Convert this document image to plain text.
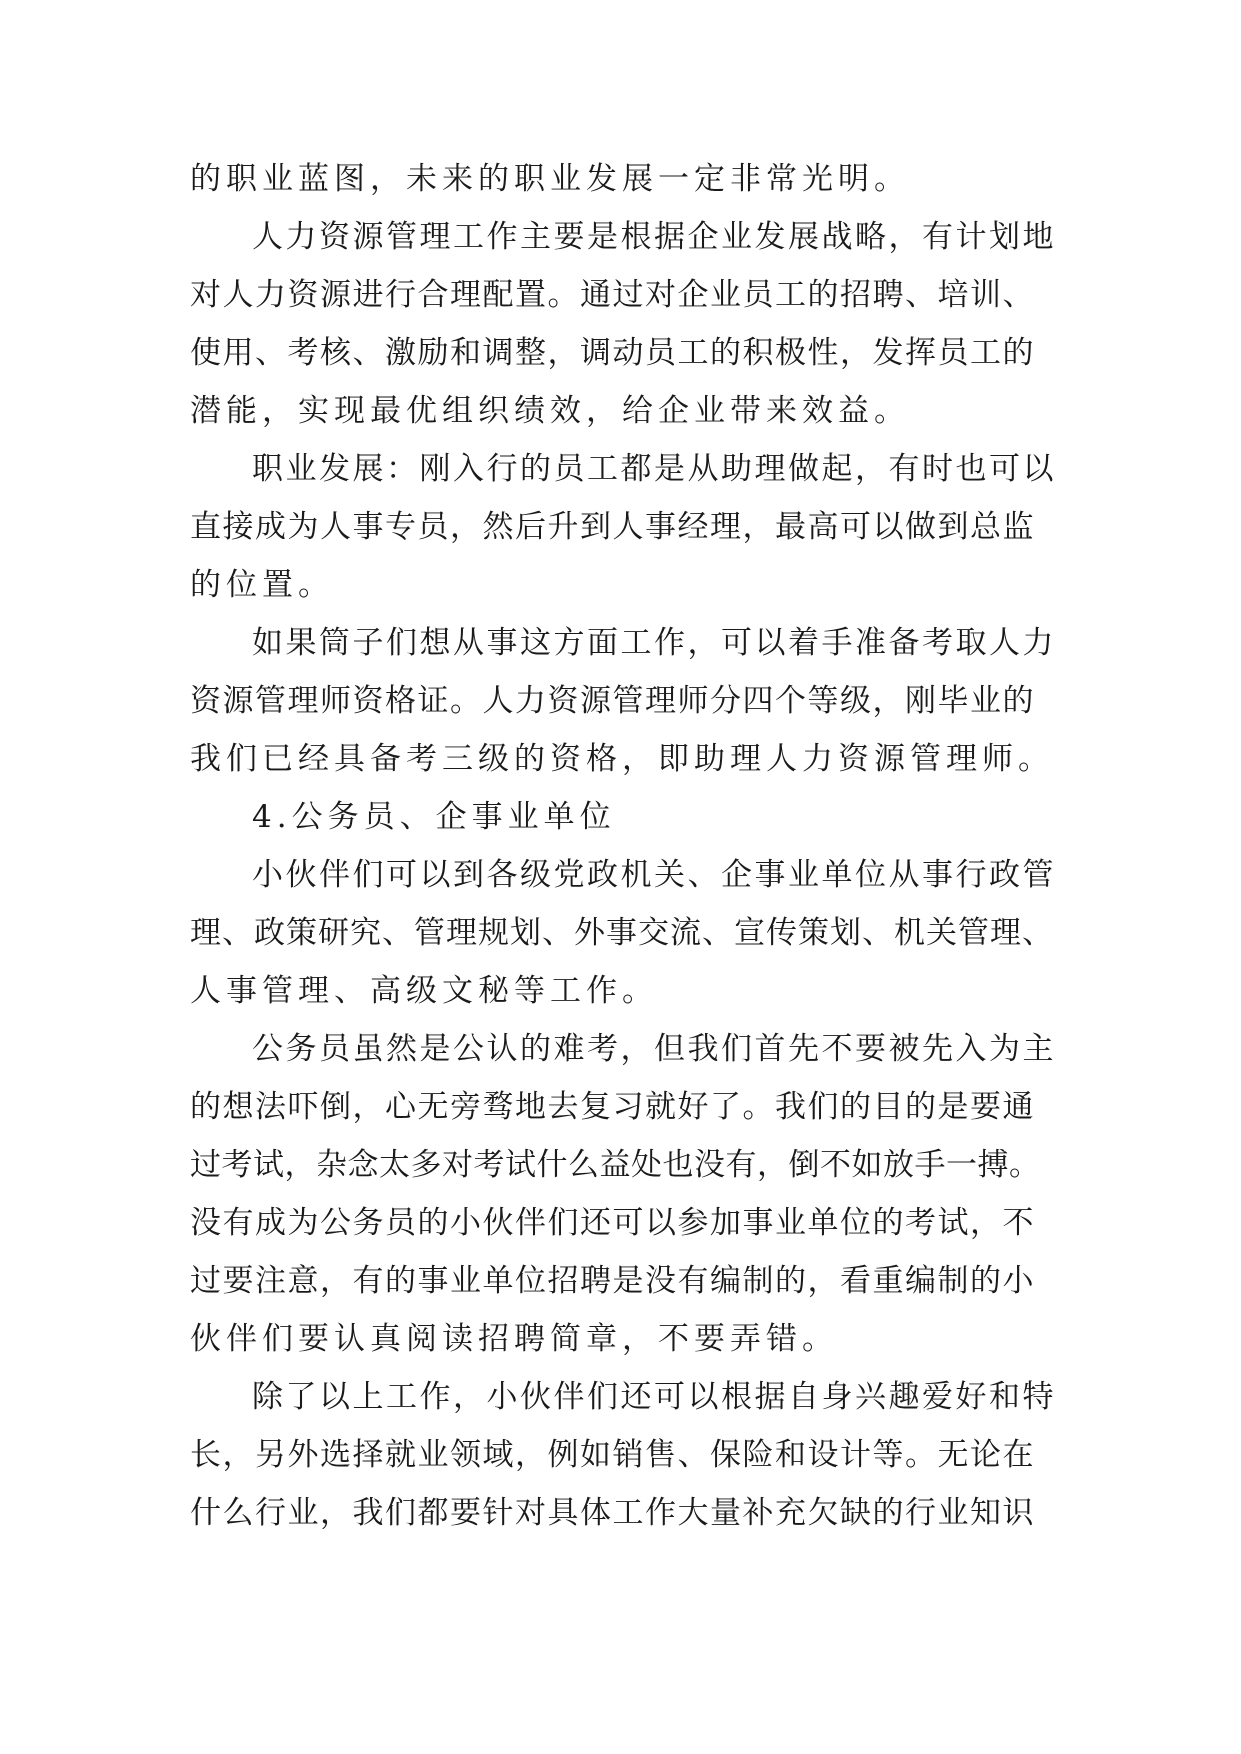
的职业蓝图，未来的职业发展一定非常光明。
人力资源管理工作主要是根据企业发展战略，有计划地
对人力资源进行合理配置。通过对企业员工的招聘、培训、
使用、考核、激励和调整，调动员工的积极性，发挥员工的
潜能，实现最优组织绩效，给企业带来效益。
职业发展：刚入行的员工都是从助理做起，有时也可以
直接成为人事专员，然后升到人事经理，最高可以做到总监
的位置。
如果筒子们想从事这方面工作，可以着手准备考取人力
资源管理师资格证。人力资源管理师分四个等级，刚毕业的
我们已经具备考三级的资格，即助理人力资源管理师。
4.公务员、企事业单位
小伙伴们可以到各级党政机关、企事业单位从事行政管
理、政策研究、管理规划、外事交流、宣传策划、机关管理、
人事管理、高级文秘等工作。
公务员虽然是公认的难考，但我们首先不要被先入为主
的想法吓倒，心无旁骛地去复习就好了。我们的目的是要通
过考试，杂念太多对考试什么益处也没有，倒不如放手一搏。
没有成为公务员的小伙伴们还可以参加事业单位的考试，不
过要注意，有的事业单位招聘是没有编制的，看重编制的小
伙伴们要认真阅读招聘简章，不要弄错。
除了以上工作，小伙伴们还可以根据自身兴趣爱好和特
长，另外选择就业领域，例如销售、保险和设计等。无论在
什么行业，我们都要针对具体工作大量补充欠缺的行业知识
